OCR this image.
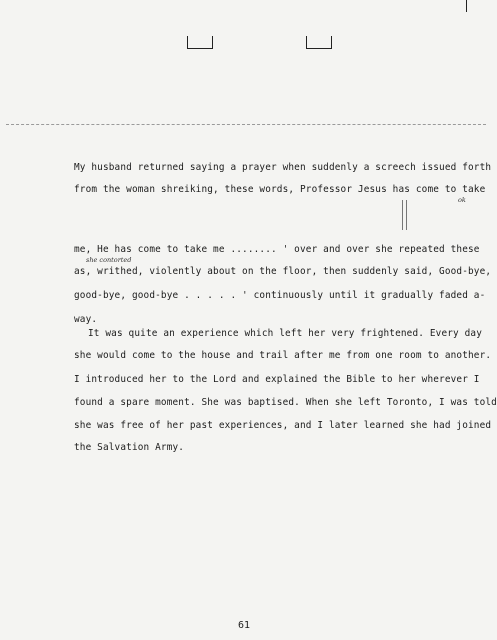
My husband returned saying a prayer when suddenly a screech issued forth
from the woman shreiking, these words, Professor Jesus has come to take
ok
me, He has come to take me ........ ' over and over she repeated these
she contorted
as, writhed, violently about on the floor, then suddenly said, Good-bye,
good-bye, good-bye . . . . . ' continuously until it gradually faded a-
way.
It was quite an experience which left her very frightened. Every day
she would come to the house and trail after me from one room to another.
I introduced her to the Lord and explained the Bible to her wherever I
found a spare moment. She was baptised. When she left Toronto, I was told
she was free of her past experiences, and I later learned she had joined
the Salvation Army.
61
